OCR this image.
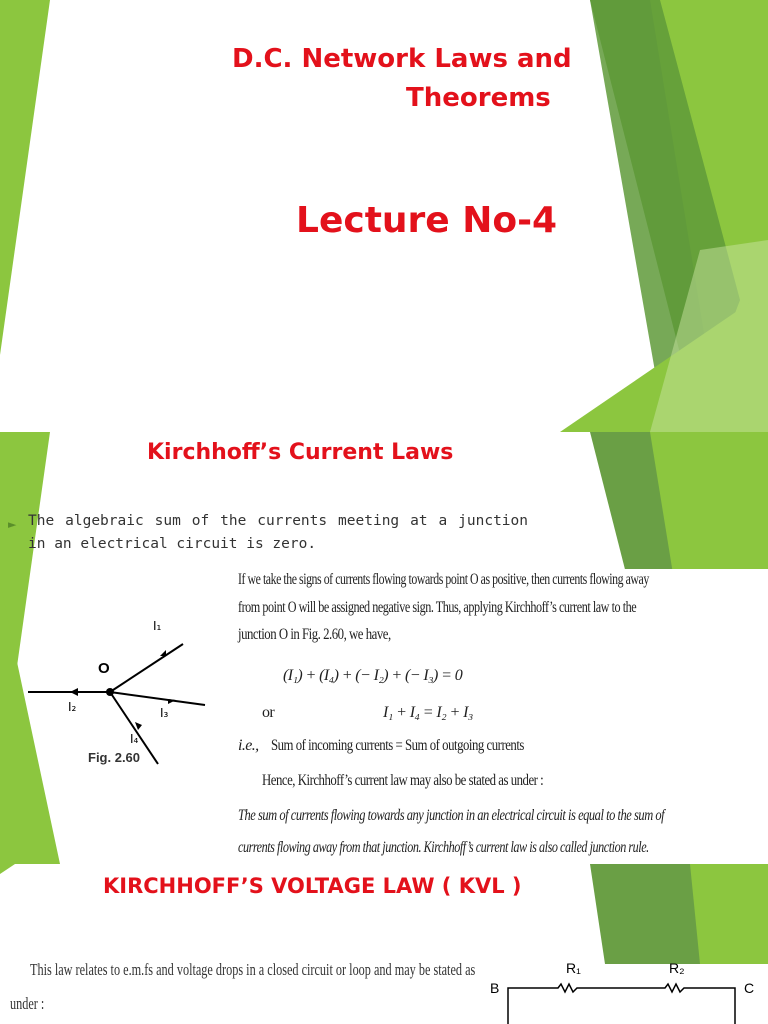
D.C. Network Laws and
Theorems
Lecture No-4
Kirchhoff’s Current Laws
► The algebraic sum of the currents meeting at a junction in an electrical circuit is zero.
O
I₁
I₂	I₃
I₄
Fig. 2.60
If we take the signs of currents flowing towards point O as positive, then currents flowing away
from point O will be assigned negative sign. Thus, applying Kirchhoff’s current law to the
junction O in Fig. 2.60, we have,
(I₁) + (I₄) + (− I₂) + (− I₃) = 0
or	I₁ + I₄ = I₂ + I₃
i.e., Sum of incoming currents = Sum of outgoing currents
Hence, Kirchhoff’s current law may also be stated as under :
The sum of currents flowing towards any junction in an electrical circuit is equal to the sum of
currents flowing away from that junction. Kirchhoff’s current law is also called junction rule.
KIRCHHOFF’S VOLTAGE LAW ( KVL )
This law relates to e.m.fs and voltage drops in a closed circuit or loop and may be stated as
under :
R₁	R₂
B	C
